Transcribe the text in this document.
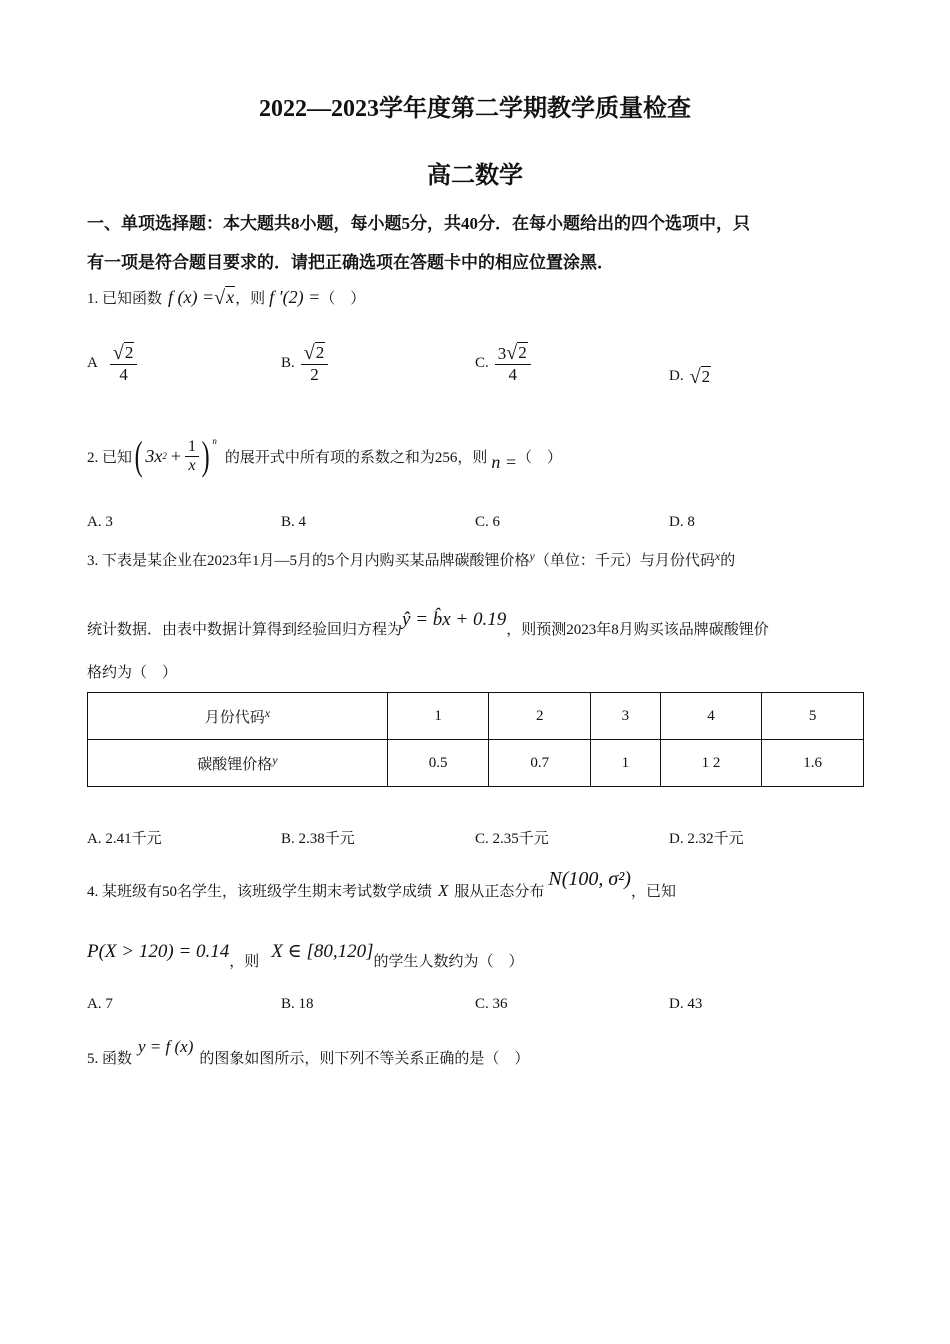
2022—2023学年度第二学期教学质量检查
高二数学
一、单项选择题：本大题共8小题，每小题5分，共40分．在每小题给出的四个选项中，只
有一项是符合题目要求的．请把正确选项在答题卡中的相应位置涂黑．
1. 已知函数 f (x) = √ x ，则 f ′(2) = （　）
A $\frac{√ 2}{4}$	B. $\frac{√ 2}{2}$	C. $\frac{3 √ 2}{4}$	D. √ 2
2. 已知 ( 3x $2 + \frac{1}{x}$ ) $^n$
的展开式中所有项的系数之和为256，则 n = （　）
A. 3	B. 4	C. 6	D. 8
3. 下表是某企业在2023年1月—5月的5个月内购买某品牌碳酸锂价格$^y$（单位：千元）与月份代码$^x$的
统计数据．由表中数据计算得到经验回归方程为
ŷ = b̂x + 0.19
，则预测2023年8月购买该品牌碳酸锂价
格约为（　）
月份代码$^x$	1	2	3	4	5
碳酸锂价格$^y$	0.5	0.7	1	1 2	1.6
A. 2.41千元	B. 2.38千元	C. 2.35千元	D. 2.32千元
4. 某班级有50名学生，该班级学生期末考试数学成绩 X 服从正态分布
N(100, σ²)
，已知
P(X > 120) = 0.14
，则 X ∈ [80,120] 的学生人数约为（　）
A. 7	B. 18	C. 36	D. 43
5. 函数
y = f (x)
的图象如图所示，则下列不等关系正确的是（　）
